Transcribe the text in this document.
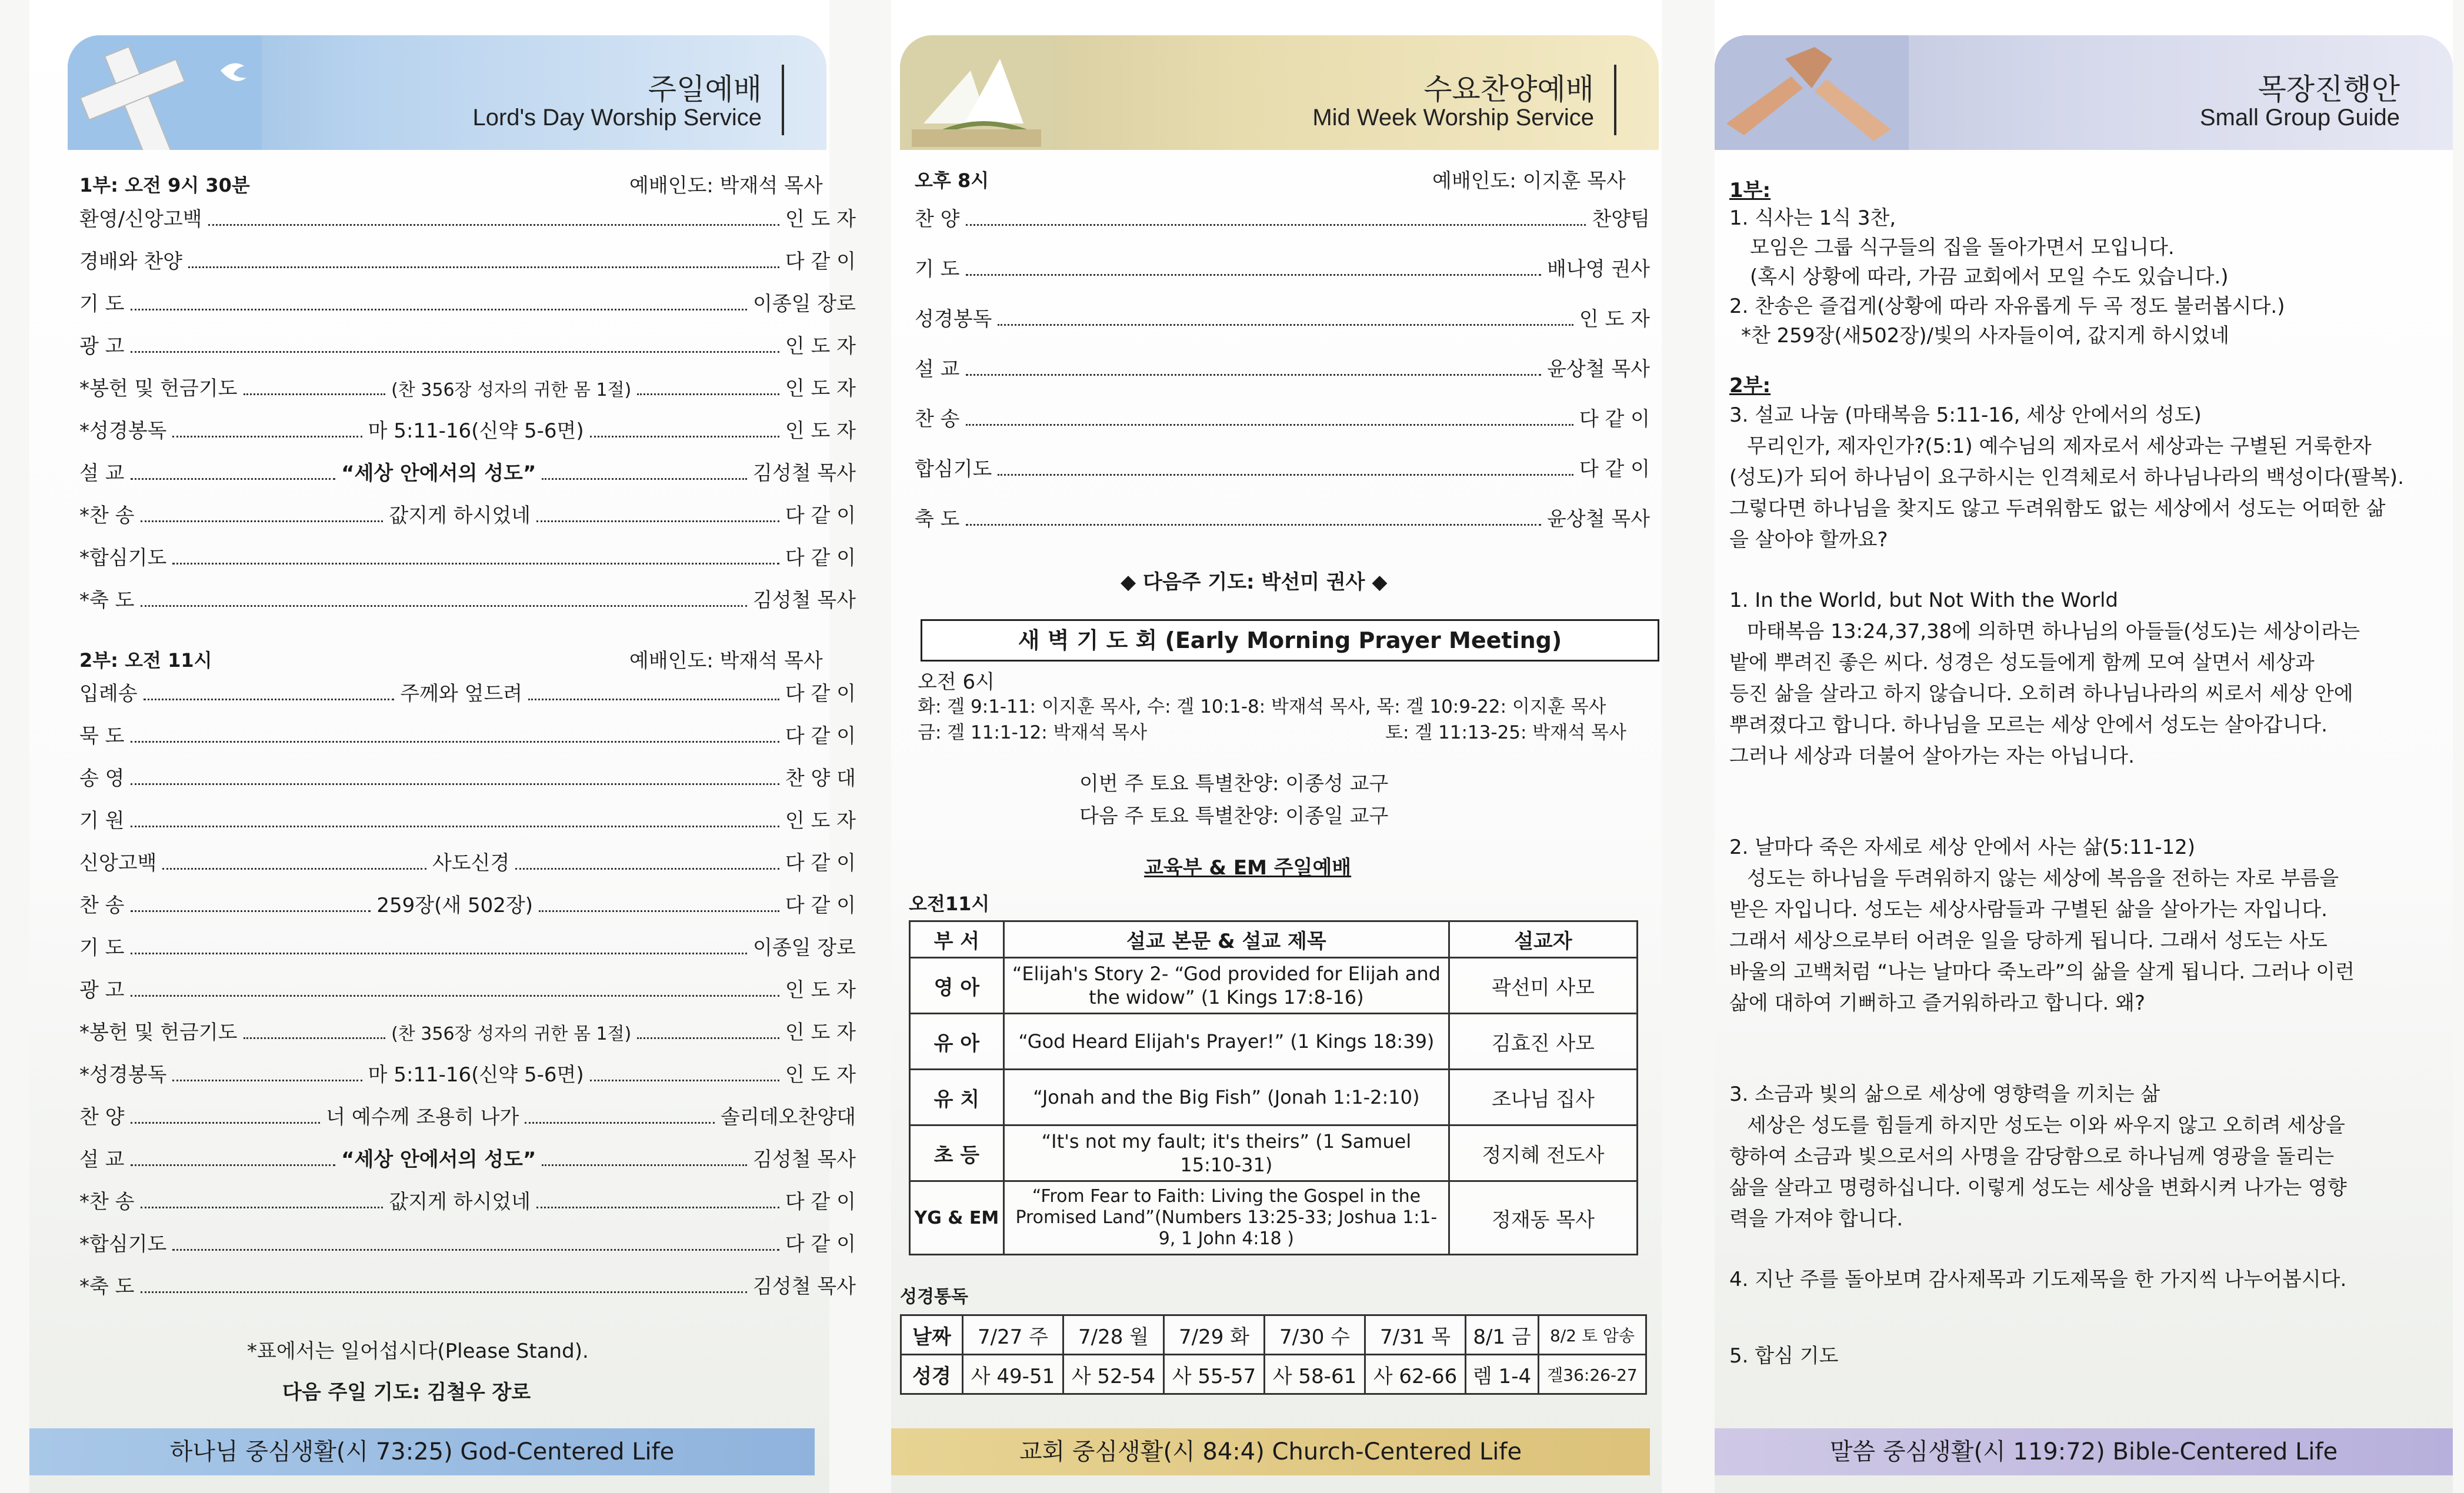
주일예배
Lord's Day Worship Service
1부: 오전 9시 30분	예배인도: 박재석 목사
환영/신앙고백	인 도 자
경배와 찬양	다 같 이
기 도	이종일 장로
광 고	인 도 자
*봉헌 및 헌금기도	(찬 356장 성자의 귀한 몸 1절)	인 도 자
*성경봉독	마 5:11-16(신약 5-6면)	인 도 자
설 교	“세상 안에서의 성도”	김성철 목사
*찬 송	값지게 하시었네	다 같 이
*합심기도	다 같 이
*축 도	김성철 목사
2부: 오전 11시	예배인도: 박재석 목사
입례송	주께와 엎드려	다 같 이
묵 도	다 같 이
송 영	찬 양 대
기 원	인 도 자
신앙고백	사도신경	다 같 이
찬 송	259장(새 502장)	다 같 이
기 도	이종일 장로
광 고	인 도 자
*봉헌 및 헌금기도	(찬 356장 성자의 귀한 몸 1절)	인 도 자
*성경봉독	마 5:11-16(신약 5-6면)	인 도 자
찬 양	너 예수께 조용히 나가	솔리데오찬양대
설 교	“세상 안에서의 성도”	김성철 목사
*찬 송	값지게 하시었네	다 같 이
*합심기도	다 같 이
*축 도	김성철 목사
*표에서는 일어섭시다(Please Stand).
다음 주일 기도: 김철우 장로
하나님 중심생활(시 73:25) God-Centered Life
수요찬양예배
Mid Week Worship Service
오후 8시	예배인도: 이지훈 목사
찬 양	찬양팀
기 도	배나영 권사
성경봉독	인 도 자
설 교	윤상철 목사
찬 송	다 같 이
합심기도	다 같 이
축 도	윤상철 목사
◆ 다음주 기도: 박선미 권사 ◆
새 벽 기 도 회 (Early Morning Prayer Meeting)
오전 6시
화: 겔 9:1-11: 이지훈 목사, 수: 겔 10:1-8: 박재석 목사, 목: 겔 10:9-22: 이지훈 목사
금: 겔 11:1-12: 박재석 목사	토: 겔 11:13-25: 박재석 목사
이번 주 토요 특별찬양: 이종성 교구
다음 주 토요 특별찬양: 이종일 교구
교육부 & EM 주일예배
오전11시
부 서	설교 본문 & 설교 제목	설교자
영 아	“Elijah's Story 2- “God provided for Elijah and the widow” (1 Kings 17:8-16)	곽선미 사모
유 아	“God Heard Elijah's Prayer!” (1 Kings 18:39)	김효진 사모
유 치	“Jonah and the Big Fish” (Jonah 1:1-2:10)	조나님 집사
초 등	“It's not my fault; it's theirs” (1 Samuel 15:10-31)	정지혜 전도사
YG & EM	“From Fear to Faith: Living the Gospel in the Promised Land”(Numbers 13:25-33; Joshua 1:1-9, 1 John 4:18 )	정재동 목사
성경통독
날짜	7/27 주	7/28 월	7/29 화	7/30 수	7/31 목	8/1 금	8/2 토 암송
성경	사 49-51	사 52-54	사 55-57	사 58-61	사 62-66	렘 1-4	겔36:26-27
교회 중심생활(시 84:4) Church-Centered Life
목장진행안
Small Group Guide
1부:
1. 식사는 1식 3찬,
모임은 그룹 식구들의 집을 돌아가면서 모입니다.
(혹시 상황에 따라, 가끔 교회에서 모일 수도 있습니다.)
2. 찬송은 즐겁게(상황에 따라 자유롭게 두 곡 정도 불러봅시다.)
*찬 259장(새502장)/빛의 사자들이여, 값지게 하시었네
2부:
3. 설교 나눔 (마태복음 5:11-16, 세상 안에서의 성도)
무리인가, 제자인가?(5:1) 예수님의 제자로서 세상과는 구별된 거룩한자
(성도)가 되어 하나님이 요구하시는 인격체로서 하나님나라의 백성이다(팔복).
그렇다면 하나님을 찾지도 않고 두려워함도 없는 세상에서 성도는 어떠한 삶
을 살아야 할까요?
1. In the World, but Not With the World
마태복음 13:24,37,38에 의하면 하나님의 아들들(성도)는 세상이라는
밭에 뿌려진 좋은 씨다. 성경은 성도들에게 함께 모여 살면서 세상과
등진 삶을 살라고 하지 않습니다. 오히려 하나님나라의 씨로서 세상 안에
뿌려졌다고 합니다. 하나님을 모르는 세상 안에서 성도는 살아갑니다.
그러나 세상과 더불어 살아가는 자는 아닙니다.
2. 날마다 죽은 자세로 세상 안에서 사는 삶(5:11-12)
성도는 하나님을 두려워하지 않는 세상에 복음을 전하는 자로 부름을
받은 자입니다. 성도는 세상사람들과 구별된 삶을 살아가는 자입니다.
그래서 세상으로부터 어려운 일을 당하게 됩니다. 그래서 성도는 사도
바울의 고백처럼 “나는 날마다 죽노라”의 삶을 살게 됩니다. 그러나 이런
삶에 대하여 기뻐하고 즐거워하라고 합니다. 왜?
3. 소금과 빛의 삶으로 세상에 영향력을 끼치는 삶
세상은 성도를 힘들게 하지만 성도는 이와 싸우지 않고 오히려 세상을
향하여 소금과 빛으로서의 사명을 감당함으로 하나님께 영광을 돌리는
삶을 살라고 명령하십니다. 이렇게 성도는 세상을 변화시켜 나가는 영향
력을 가져야 합니다.
4. 지난 주를 돌아보며 감사제목과 기도제목을 한 가지씩 나누어봅시다.
5. 합심 기도
말씀 중심생활(시 119:72) Bible-Centered Life
